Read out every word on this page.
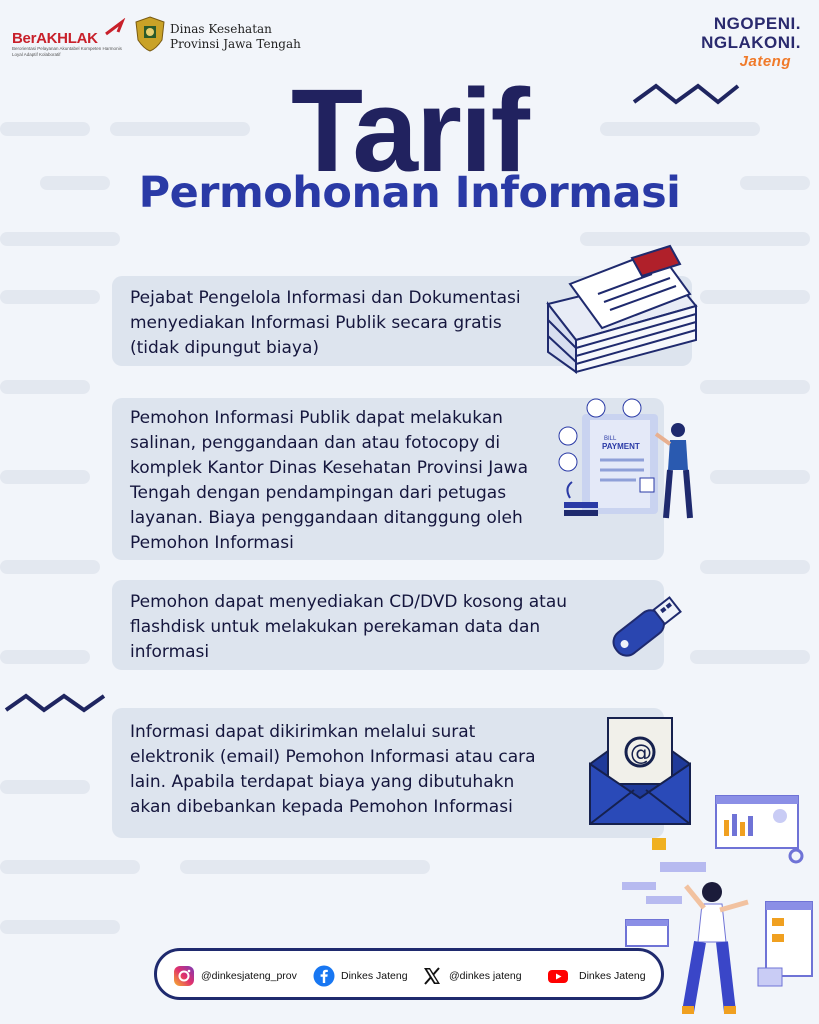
BerAKHLAK
Berorientasi Pelayanan Akuntabel Kompeten Harmonis Loyal Adaptif Kolaboratif
Dinas Kesehatan
Provinsi Jawa Tengah
NGOPENI.
NGLAKONI.
Jateng
Tarif
Permohonan Informasi
Pejabat Pengelola Informasi dan Dokumentasi
menyediakan Informasi Publik secara gratis
(tidak dipungut biaya)
Pemohon Informasi Publik dapat melakukan
salinan, penggandaan dan atau fotocopy di
komplek Kantor Dinas Kesehatan Provinsi Jawa
Tengah dengan pendampingan dari petugas
layanan. Biaya penggandaan ditanggung oleh
Pemohon Informasi
BILL
PAYMENT
Pemohon dapat menyediakan CD/DVD kosong atau
flashdisk untuk melakukan perekaman data dan
informasi
Informasi dapat dikirimkan melalui surat
elektronik (email) Pemohon Informasi atau cara
lain. Apabila terdapat biaya yang dibutuhakn
akan dibebankan kepada Pemohon Informasi
@
@dinkesjateng_prov	Dinkes Jateng	@dinkes jateng	Dinkes Jateng
